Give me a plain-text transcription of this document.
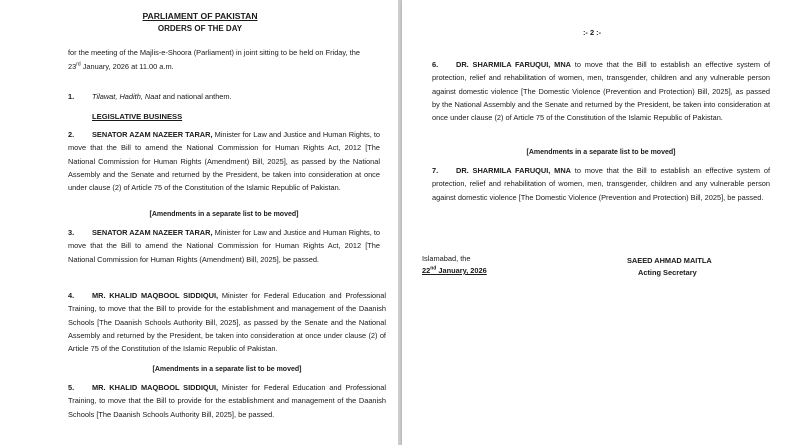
PARLIAMENT OF PAKISTAN

ORDERS OF THE DAY

for the meeting of the Majlis-e-Shoora (Parliament) in joint sitting to be held on Friday, the

23rd January, 2026 at 11.00 a.m.

1. Tilawat, Hadith, Naat and national anthem.

LEGISLATIVE BUSINESS

2. SENATOR AZAM NAZEER TARAR, Minister for Law and Justice and Human Rights, to move that the Bill to amend the National Commission for Human Rights Act, 2012 [The National Commission for Human Rights (Amendment) Bill, 2025], as passed by the National Assembly and the Senate and returned by the President, be taken into consideration at once under clause (2) of Article 75 of the Constitution of the Islamic Republic of Pakistan.

[Amendments in a separate list to be moved]

3. SENATOR AZAM NAZEER TARAR, Minister for Law and Justice and Human Rights, to move that the Bill to amend the National Commission for Human Rights Act, 2012 [The National Commission for Human Rights (Amendment) Bill, 2025], be passed.

4. MR. KHALID MAQBOOL SIDDIQUI, Minister for Federal Education and Professional Training, to move that the Bill to provide for the establishment and management of the Daanish Schools [The Daanish Schools Authority Bill, 2025], as passed by the Senate and the National Assembly and returned by the President, be taken into consideration at once under clause (2) of Article 75 of the Constitution of the Islamic Republic of Pakistan.

[Amendments in a separate list to be moved]

5. MR. KHALID MAQBOOL SIDDIQUI, Minister for Federal Education and Professional Training, to move that the Bill to provide for the establishment and management of the Daanish Schools [The Daanish Schools Authority Bill, 2025], be passed.

:- 2 :-

6. DR. SHARMILA FARUQUI, MNA to move that the Bill to establish an effective system of protection, relief and rehabilitation of women, men, transgender, children and any vulnerable person against domestic violence [The Domestic Violence (Prevention and Protection) Bill, 2025], as passed by the National Assembly and the Senate and returned by the President, be taken into consideration at once under clause (2) of Article 75 of the Constitution of the Islamic Republic of Pakistan.

[Amendments in a separate list to be moved]

7. DR. SHARMILA FARUQUI, MNA to move that the Bill to establish an effective system of protection, relief and rehabilitation of women, men, transgender, children and any vulnerable person against domestic violence [The Domestic Violence (Prevention and Protection) Bill, 2025], be passed.

Islamabad, the

22nd January, 2026

SAEED AHMAD MAITLA

Acting Secretary
